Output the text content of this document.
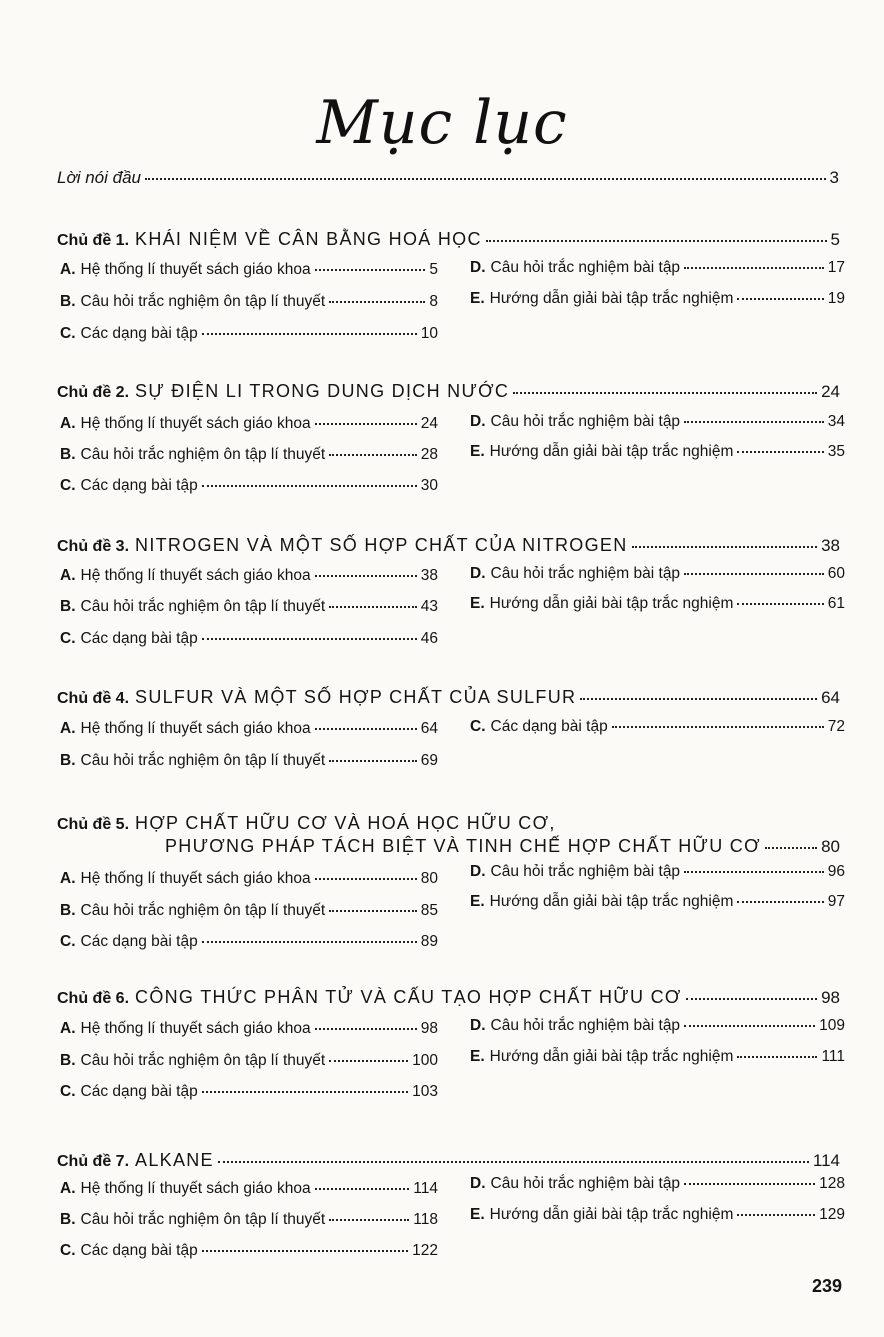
Mục lục
Lời nói đầu	3
Chủ đề 1. KHÁI NIỆM VỀ CÂN BẰNG HOÁ HỌC	5
A. Hệ thống lí thuyết sách giáo khoa	5
B. Câu hỏi trắc nghiệm ôn tập lí thuyết	8
C. Các dạng bài tập	10
D. Câu hỏi trắc nghiệm bài tập	17
E. Hướng dẫn giải bài tập trắc nghiệm	19
Chủ đề 2. SỰ ĐIỆN LI TRONG DUNG DỊCH NƯỚC	24
A. Hệ thống lí thuyết sách giáo khoa	24
B. Câu hỏi trắc nghiệm ôn tập lí thuyết	28
C. Các dạng bài tập	30
D. Câu hỏi trắc nghiệm bài tập	34
E. Hướng dẫn giải bài tập trắc nghiệm	35
Chủ đề 3. NITROGEN VÀ MỘT SỐ HỢP CHẤT CỦA NITROGEN	38
A. Hệ thống lí thuyết sách giáo khoa	38
B. Câu hỏi trắc nghiệm ôn tập lí thuyết	43
C. Các dạng bài tập	46
D. Câu hỏi trắc nghiệm bài tập	60
E. Hướng dẫn giải bài tập trắc nghiệm	61
Chủ đề 4. SULFUR VÀ MỘT SỐ HỢP CHẤT CỦA SULFUR	64
A. Hệ thống lí thuyết sách giáo khoa	64
B. Câu hỏi trắc nghiệm ôn tập lí thuyết	69
C. Các dạng bài tập	72
Chủ đề 5. HỢP CHẤT HỮU CƠ VÀ HOÁ HỌC HỮU CƠ,
PHƯƠNG PHÁP TÁCH BIỆT VÀ TINH CHẾ HỢP CHẤT HỮU CƠ	80
A. Hệ thống lí thuyết sách giáo khoa	80
B. Câu hỏi trắc nghiệm ôn tập lí thuyết	85
C. Các dạng bài tập	89
D. Câu hỏi trắc nghiệm bài tập	96
E. Hướng dẫn giải bài tập trắc nghiệm	97
Chủ đề 6. CÔNG THỨC PHÂN TỬ VÀ CẤU TẠO HỢP CHẤT HỮU CƠ	98
A. Hệ thống lí thuyết sách giáo khoa	98
B. Câu hỏi trắc nghiệm ôn tập lí thuyết	100
C. Các dạng bài tập	103
D. Câu hỏi trắc nghiệm bài tập	109
E. Hướng dẫn giải bài tập trắc nghiệm	111
Chủ đề 7. ALKANE	114
A. Hệ thống lí thuyết sách giáo khoa	114
B. Câu hỏi trắc nghiệm ôn tập lí thuyết	118
C. Các dạng bài tập	122
D. Câu hỏi trắc nghiệm bài tập	128
E. Hướng dẫn giải bài tập trắc nghiệm	129
239
